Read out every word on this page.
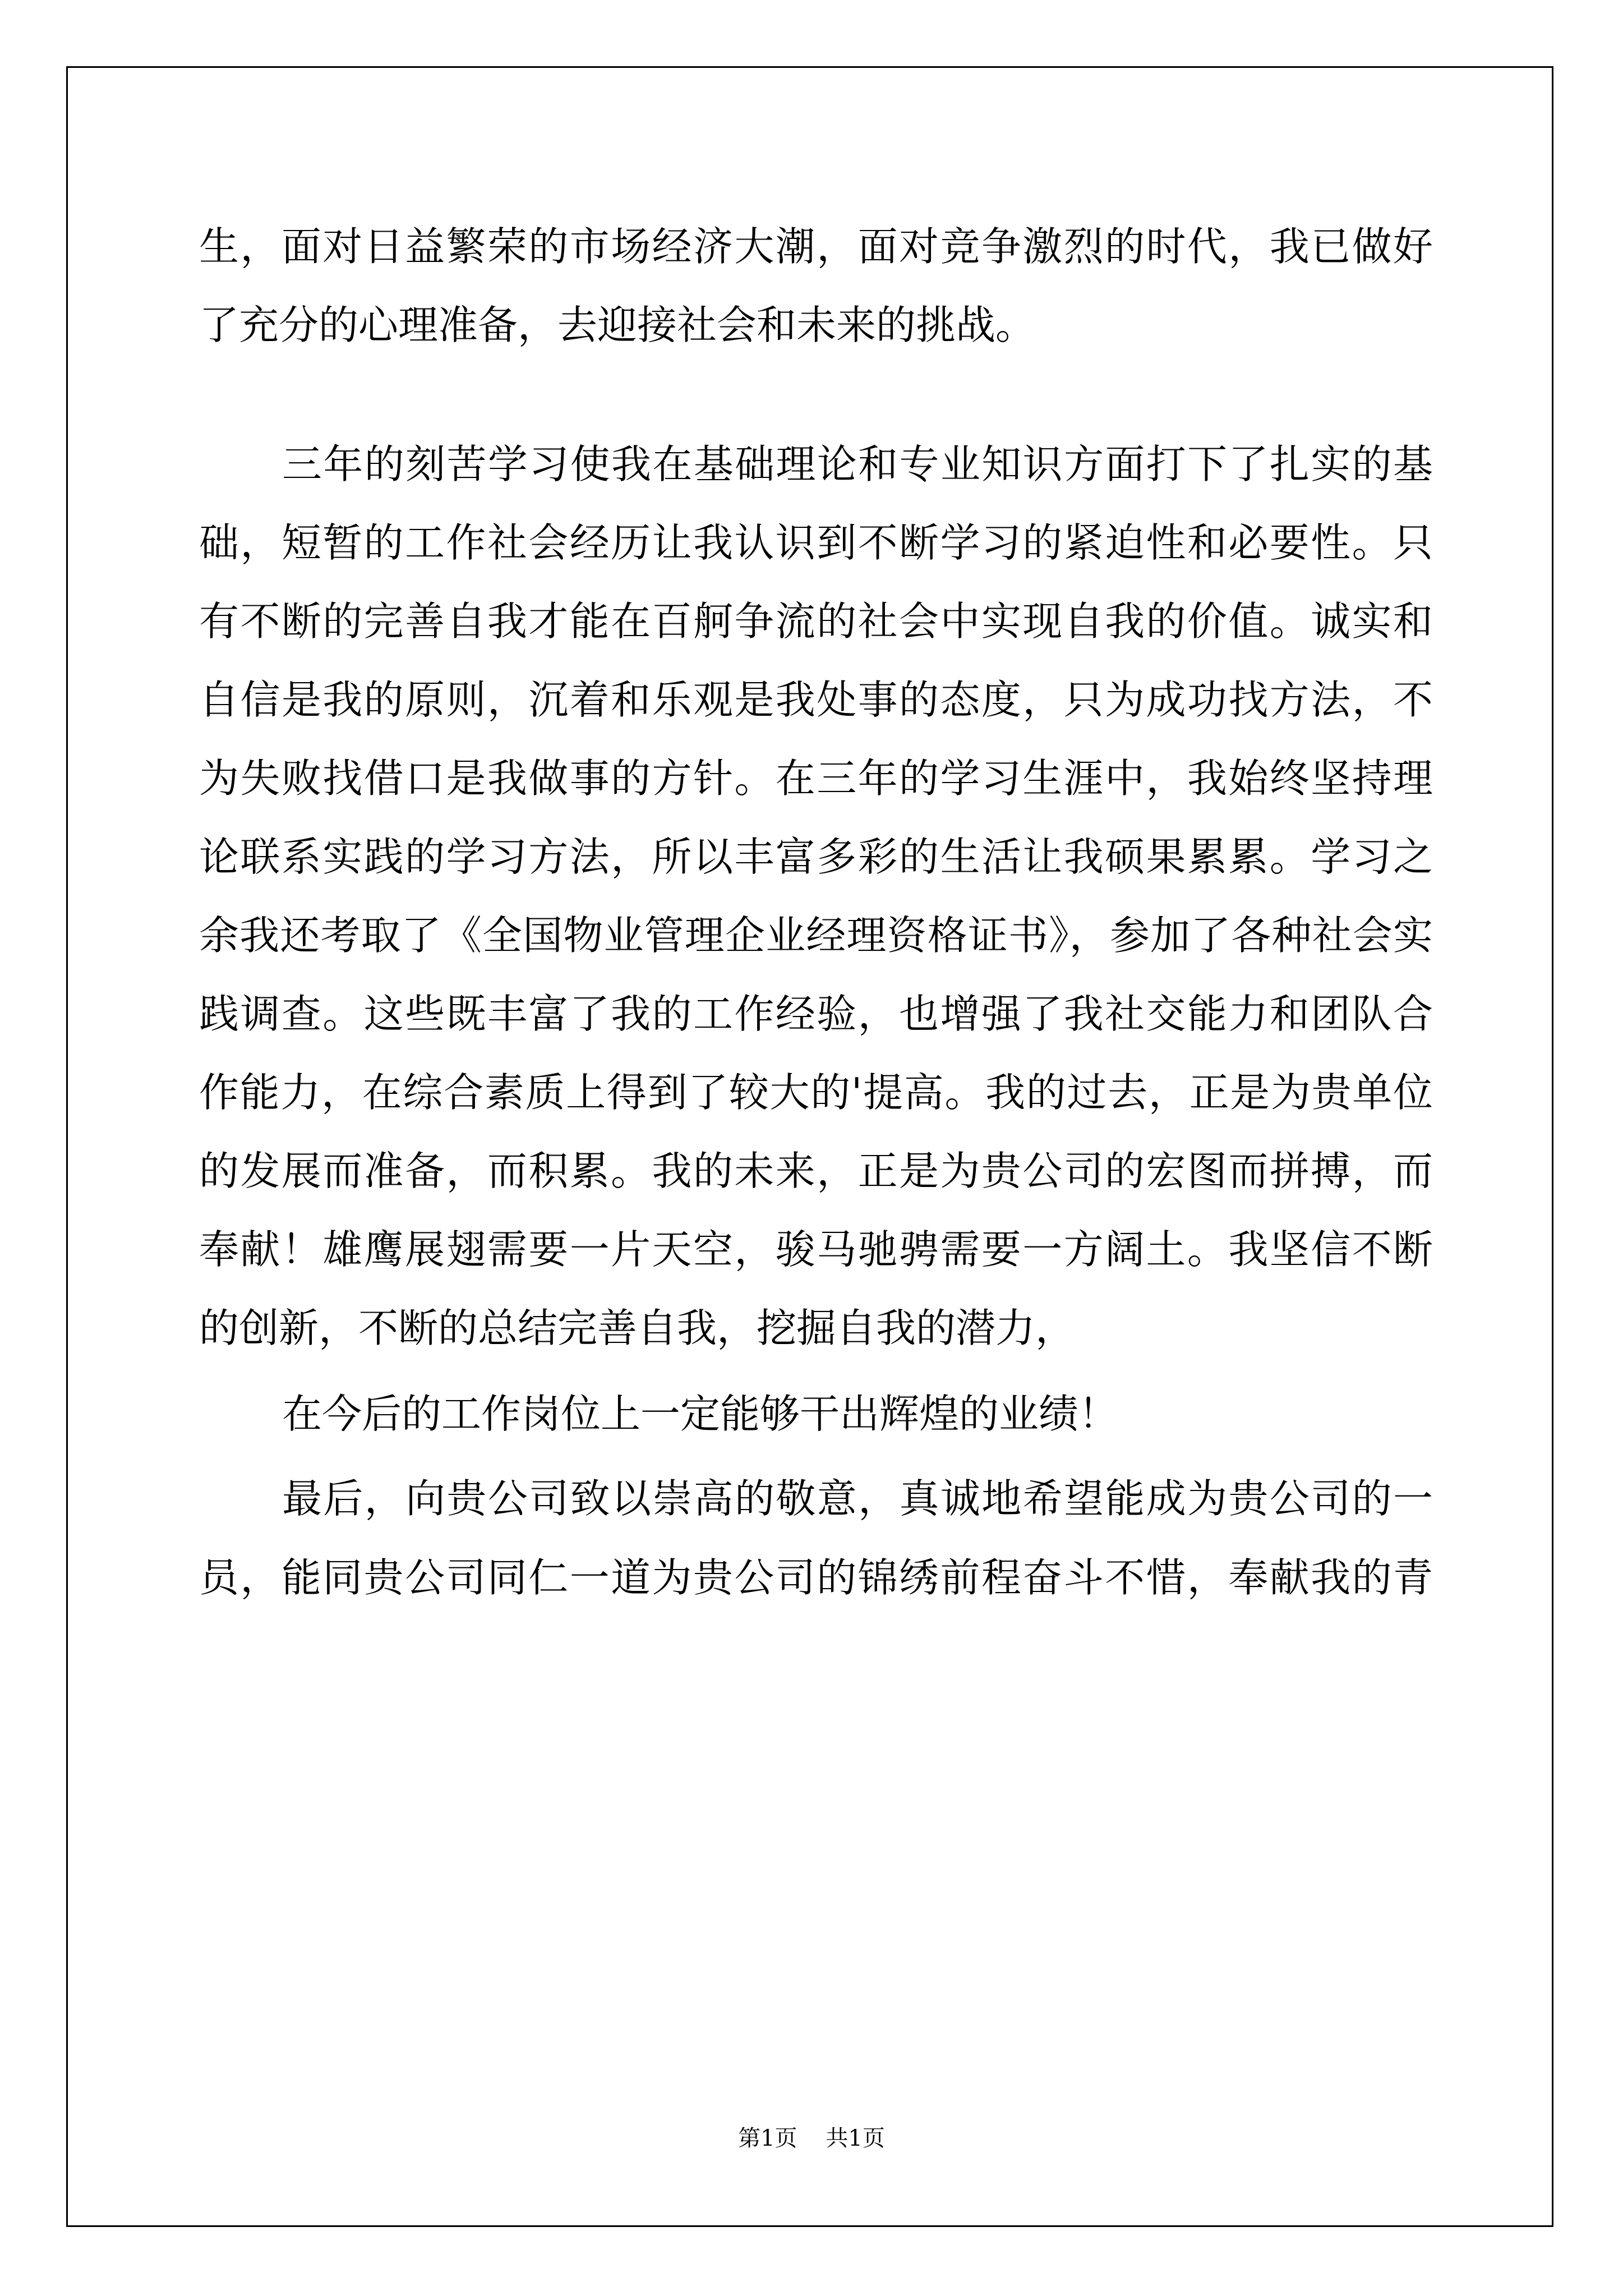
生，面对日益繁荣的市场经济大潮，面对竞争激烈的时代，我已做好
了充分的心理准备，去迎接社会和未来的挑战。
三年的刻苦学习使我在基础理论和专业知识方面打下了扎实的基
础，短暂的工作社会经历让我认识到不断学习的紧迫性和必要性。只
有不断的完善自我才能在百舸争流的社会中实现自我的价值。诚实和
自信是我的原则，沉着和乐观是我处事的态度，只为成功找方法，不
为失败找借口是我做事的方针。在三年的学习生涯中，我始终坚持理
论联系实践的学习方法，所以丰富多彩的生活让我硕果累累。学习之
余我还考取了《全国物业管理企业经理资格证书》，参加了各种社会实
践调查。这些既丰富了我的工作经验，也增强了我社交能力和团队合
作能力，在综合素质上得到了较大的'提高。我的过去，正是为贵单位
的发展而准备，而积累。我的未来，正是为贵公司的宏图而拼搏，而
奉献！雄鹰展翅需要一片天空，骏马驰骋需要一方阔土。我坚信不断
的创新，不断的总结完善自我，挖掘自我的潜力，
在今后的工作岗位上一定能够干出辉煌的业绩！
最后，向贵公司致以崇高的敬意，真诚地希望能成为贵公司的一
员，能同贵公司同仁一道为贵公司的锦绣前程奋斗不惜，奉献我的青
第1页    共1页
